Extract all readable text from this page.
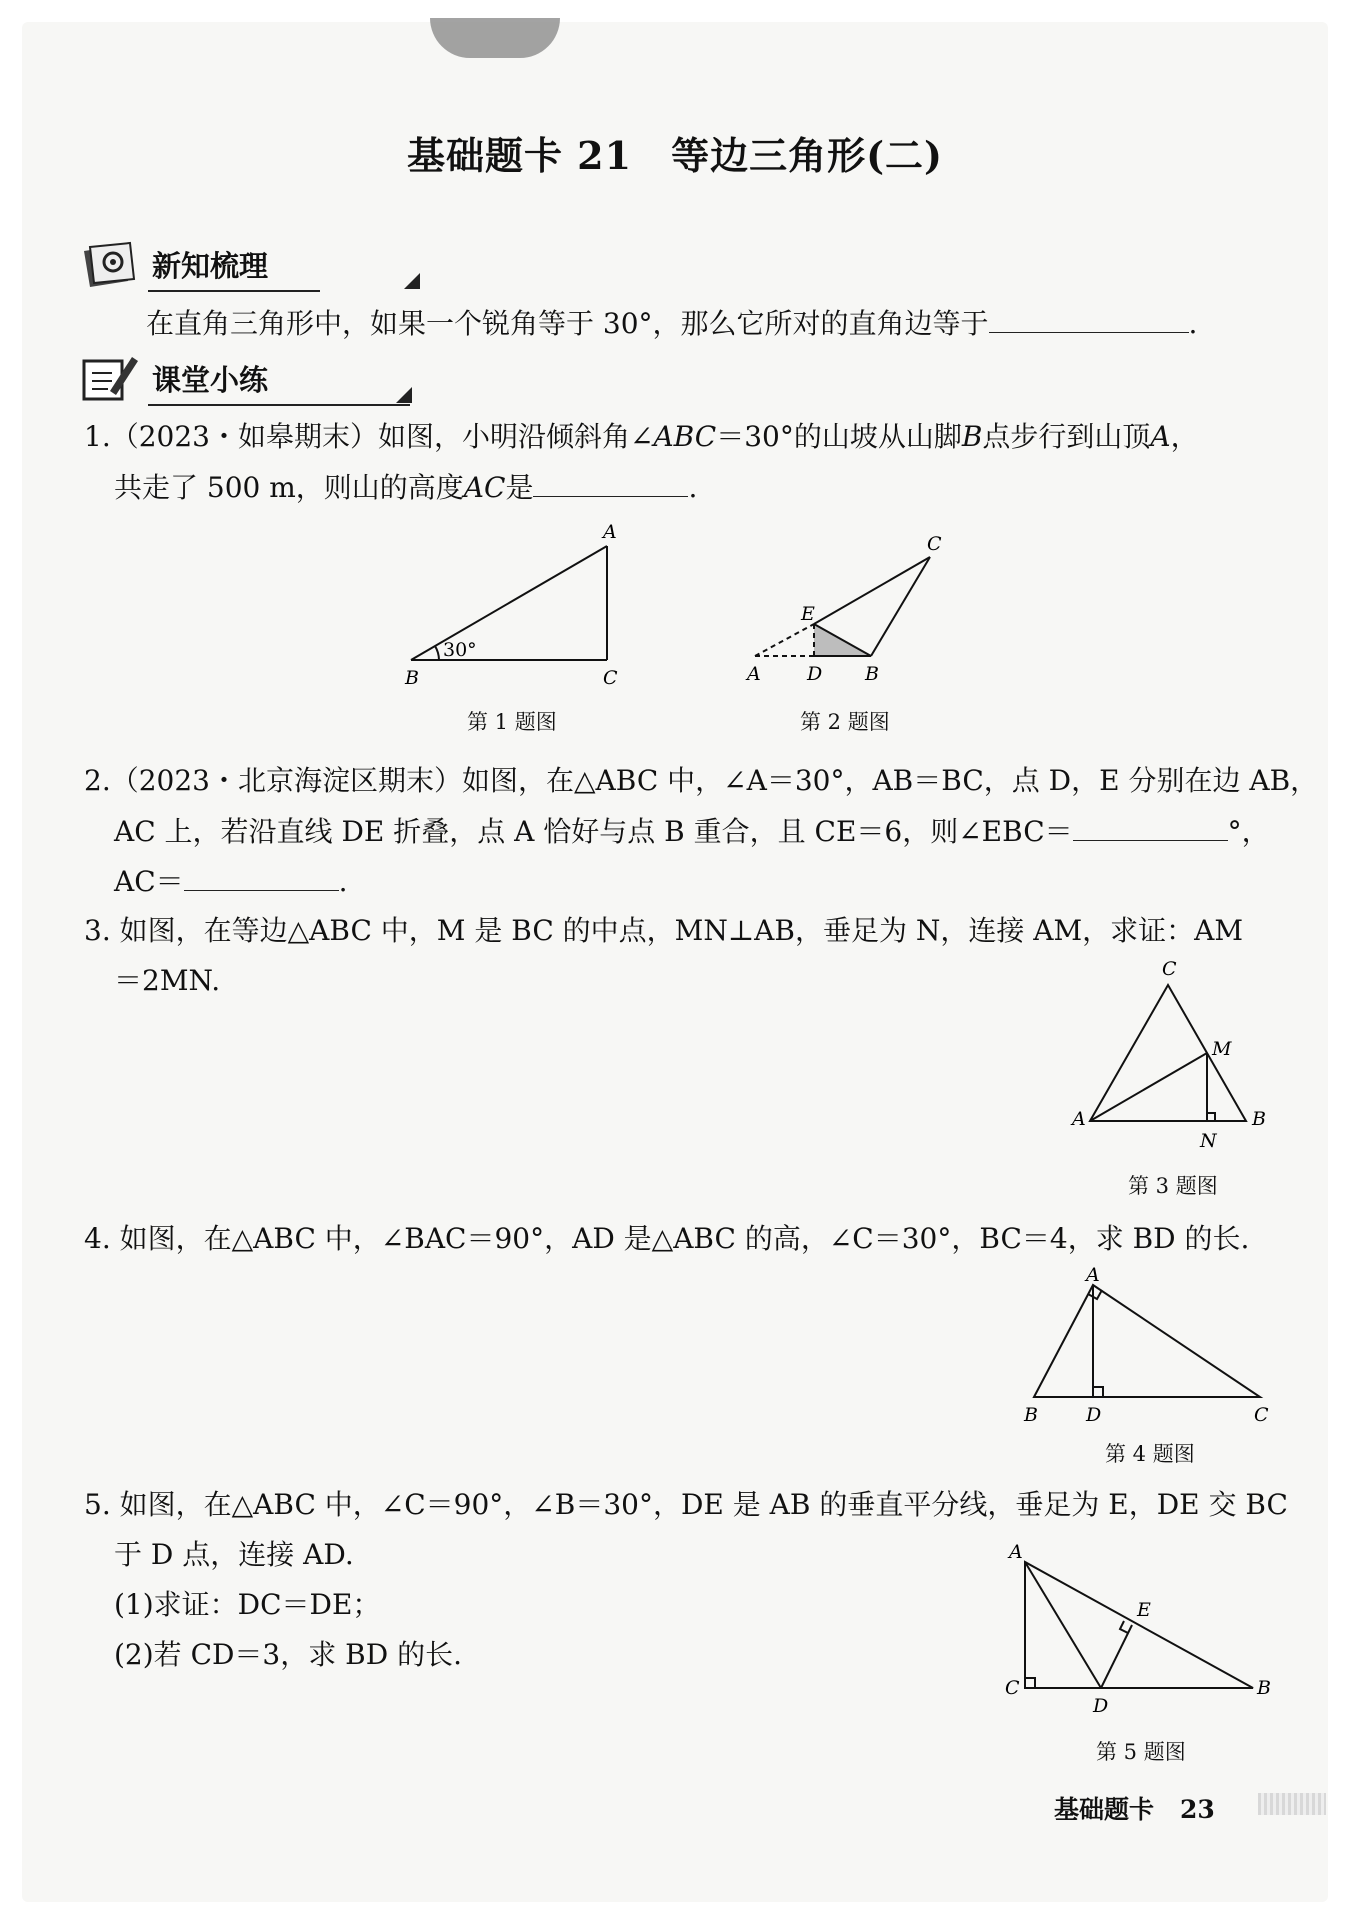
基础题卡 21　等边三角形(二)
新知梳理
在直角三角形中，如果一个锐角等于 30°，那么它所对的直角边等于	.
课堂小练
1.（2023・如皋期末）如图，小明沿倾斜角∠ABC＝30°的山坡从山脚B点步行到山顶A，
共走了 500 m，则山的高度AC是	.
A
B	C
30°
第 1 题图
C
E
A D B
第 2 题图
2.（2023・北京海淀区期末）如图，在△ABC 中，∠A＝30°，AB＝BC，点 D，E 分别在边 AB，
AC 上，若沿直线 DE 折叠，点 A 恰好与点 B 重合，且 CE＝6，则∠EBC＝	°，
AC＝	.
3. 如图，在等边△ABC 中，M 是 BC 的中点，MN⊥AB，垂足为 N，连接 AM，求证：AM
＝2MN.	C
M
A	B
N
第 3 题图
4. 如图，在△ABC 中，∠BAC＝90°，AD 是△ABC 的高，∠C＝30°，BC＝4，求 BD 的长.
A
B	D	C
第 4 题图
5. 如图，在△ABC 中，∠C＝90°，∠B＝30°，DE 是 AB 的垂直平分线，垂足为 E，DE 交 BC
于 D 点，连接 AD.
(1)求证：DC＝DE；
(2)若 CD＝3，求 BD 的长.
A
E
C
D
B
第 5 题图
基础题卡 23
